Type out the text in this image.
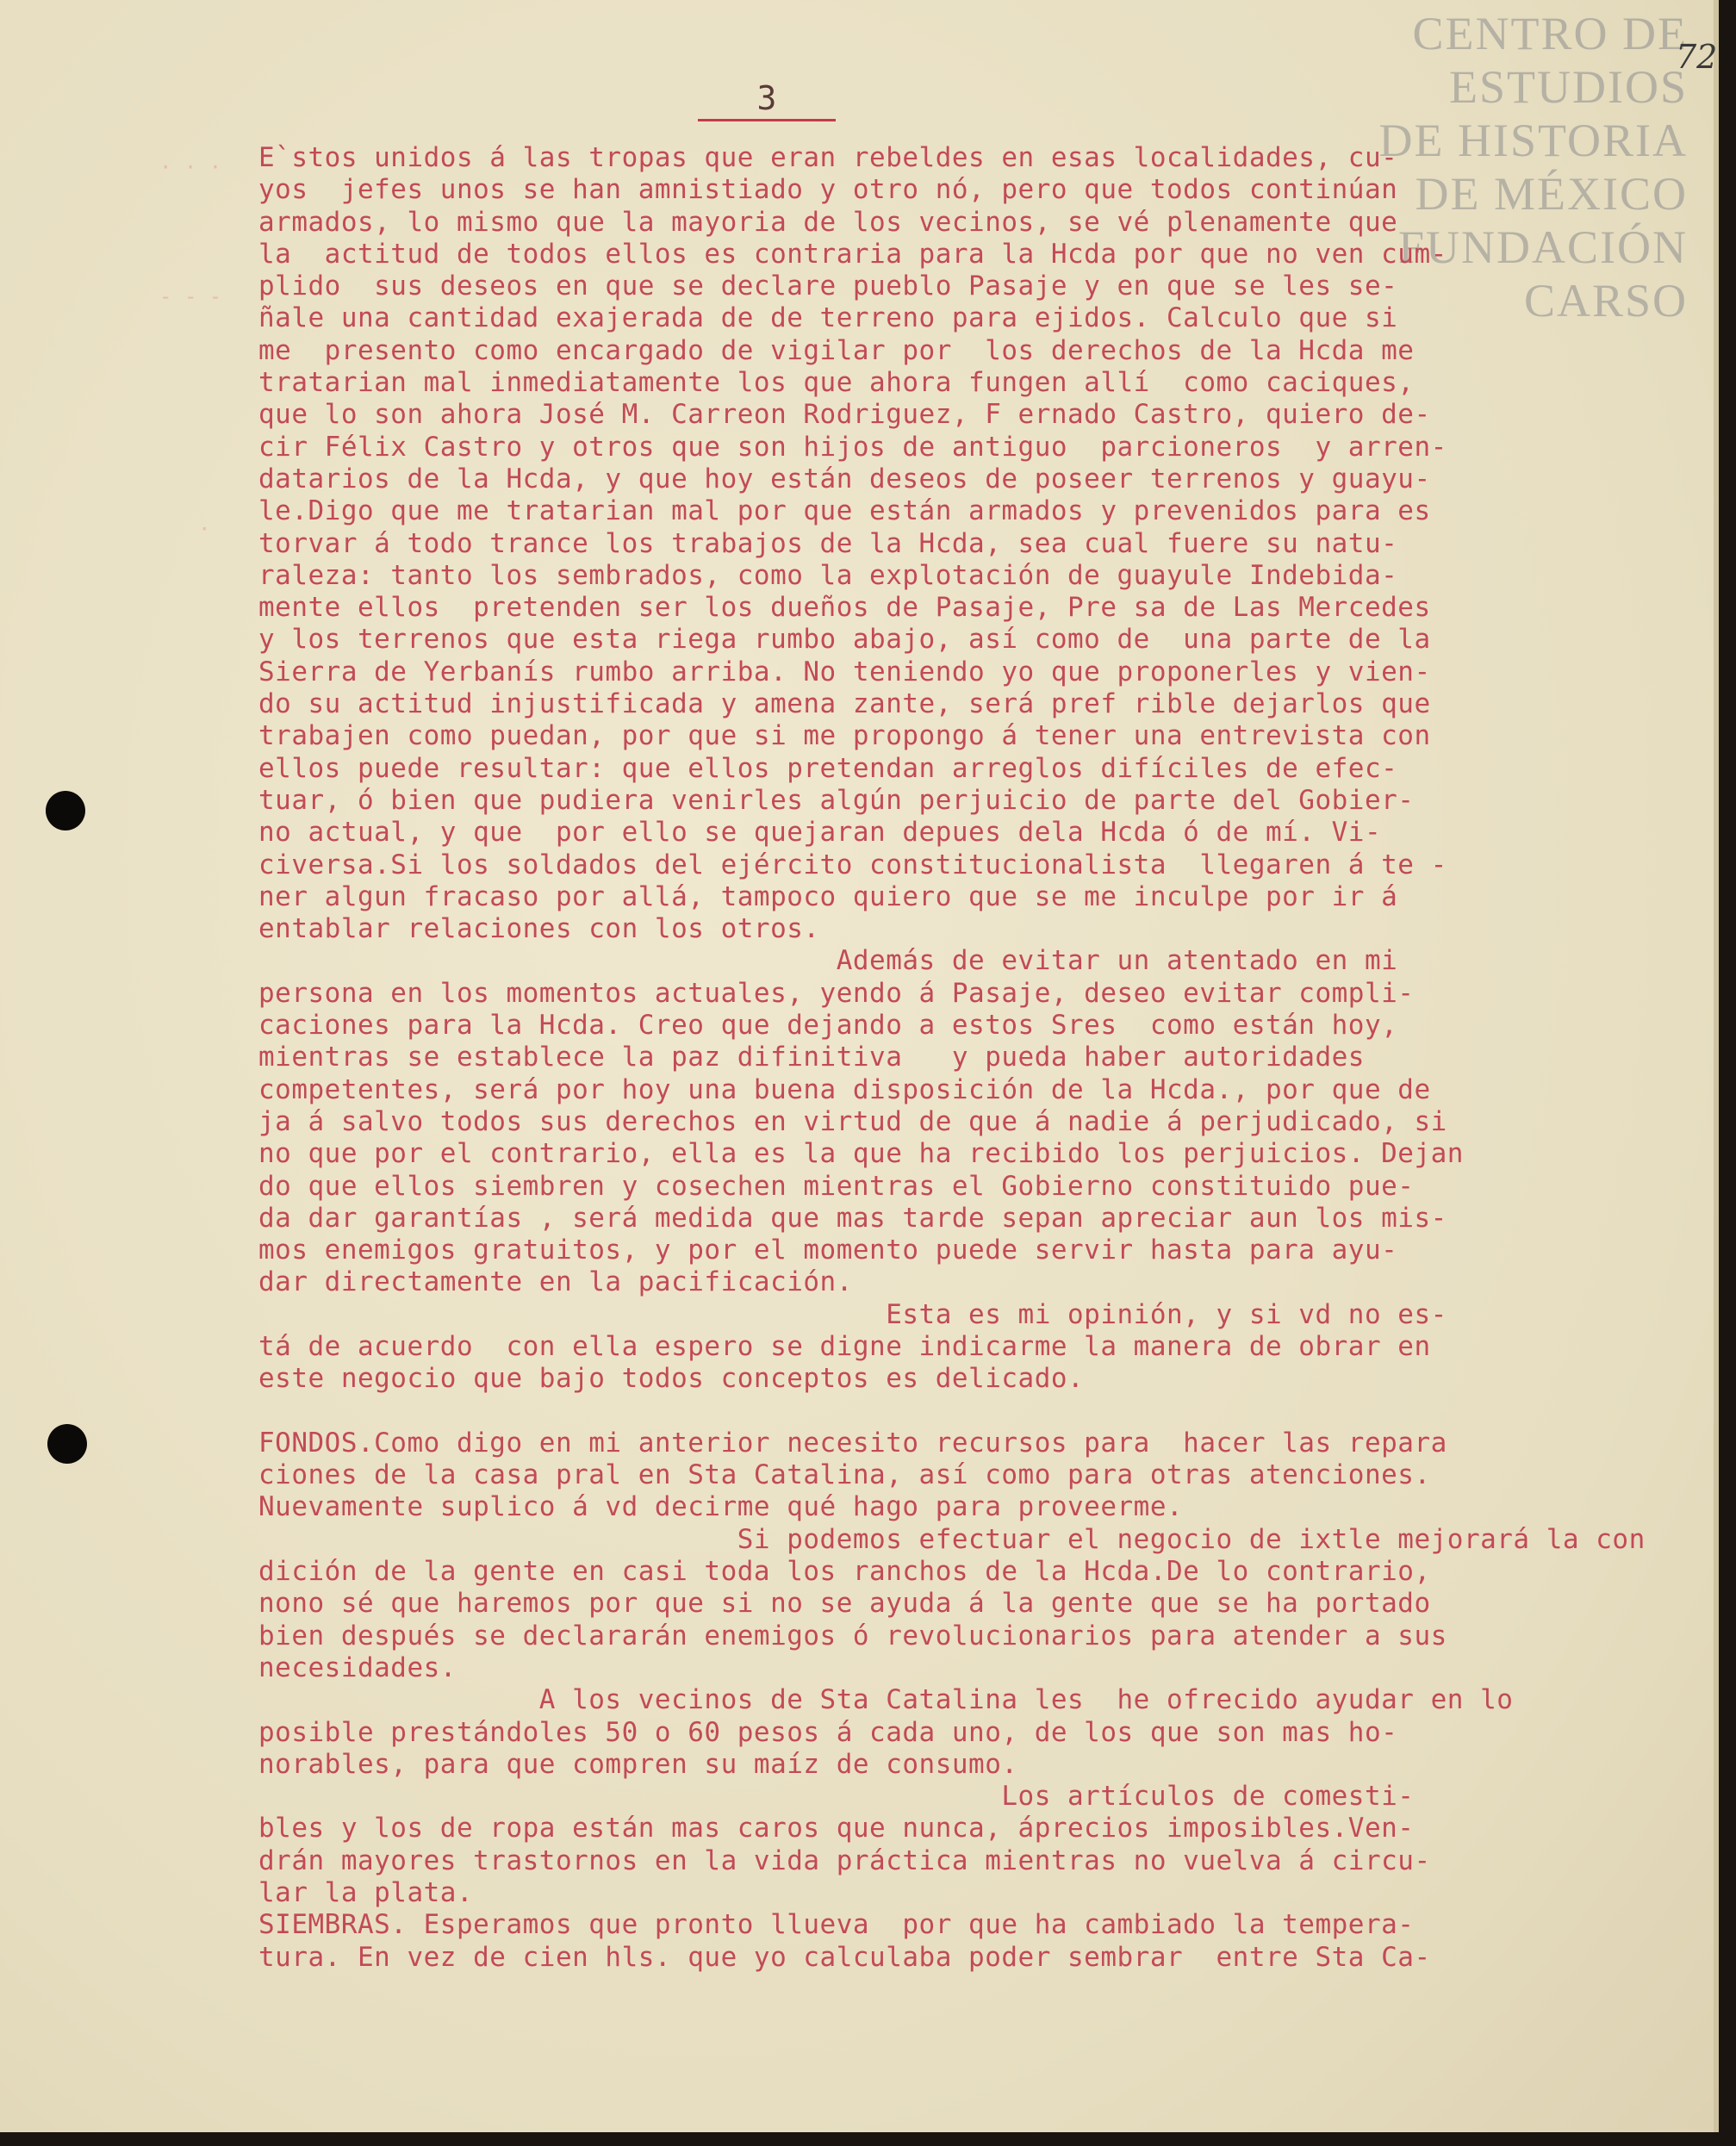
CENTRO DE
ESTUDIOS
DE HISTORIA
DE MÉXICO
FUNDACIÓN
CARSO
72
3
· · ·
- - -
·
E`stos unidos á las tropas que eran rebeldes en esas localidades, cu-
yos  jefes unos se han amnistiado y otro nó, pero que todos continúan
armados, lo mismo que la mayoria de los vecinos, se vé plenamente que
la  actitud de todos ellos es contraria para la Hcda por que no ven cum-
plido  sus deseos en que se declare pueblo Pasaje y en que se les se-
ñale una cantidad exajerada de de terreno para ejidos. Calculo que si
me  presento como encargado de vigilar por  los derechos de la Hcda me
tratarian mal inmediatamente los que ahora fungen allí  como caciques,
que lo son ahora José M. Carreon Rodriguez, F ernado Castro, quiero de-
cir Félix Castro y otros que son hijos de antiguo  parcioneros  y arren-
datarios de la Hcda, y que hoy están deseos de poseer terrenos y guayu-
le.Digo que me tratarian mal por que están armados y prevenidos para es
torvar á todo trance los trabajos de la Hcda, sea cual fuere su natu-
raleza: tanto los sembrados, como la explotación de guayule Indebida-
mente ellos  pretenden ser los dueños de Pasaje, Pre sa de Las Mercedes
y los terrenos que esta riega rumbo abajo, así como de  una parte de la
Sierra de Yerbanís rumbo arriba. No teniendo yo que proponerles y vien-
do su actitud injustificada y amena zante, será pref rible dejarlos que
trabajen como puedan, por que si me propongo á tener una entrevista con
ellos puede resultar: que ellos pretendan arreglos difíciles de efec-
tuar, ó bien que pudiera venirles algún perjuicio de parte del Gobier-
no actual, y que  por ello se quejaran depues dela Hcda ó de mí. Vi-
civersa.Si los soldados del ejército constitucionalista  llegaren á te -
ner algun fracaso por allá, tampoco quiero que se me inculpe por ir á
entablar relaciones con los otros.
Además de evitar un atentado en mi
persona en los momentos actuales, yendo á Pasaje, deseo evitar compli-
caciones para la Hcda. Creo que dejando a estos Sres  como están hoy,
mientras se establece la paz difinitiva   y pueda haber autoridades
competentes, será por hoy una buena disposición de la Hcda., por que de
ja á salvo todos sus derechos en virtud de que á nadie á perjudicado, si
no que por el contrario, ella es la que ha recibido los perjuicios. Dejan
do que ellos siembren y cosechen mientras el Gobierno constituido pue-
da dar garantías , será medida que mas tarde sepan apreciar aun los mis-
mos enemigos gratuitos, y por el momento puede servir hasta para ayu-
dar directamente en la pacificación.
Esta es mi opinión, y si vd no es-
tá de acuerdo  con ella espero se digne indicarme la manera de obrar en
este negocio que bajo todos conceptos es delicado.
FONDOS.Como digo en mi anterior necesito recursos para  hacer las repara
ciones de la casa pral en Sta Catalina, así como para otras atenciones.
Nuevamente suplico á vd decirme qué hago para proveerme.
Si podemos efectuar el negocio de ixtle mejorará la con
dición de la gente en casi toda los ranchos de la Hcda.De lo contrario,
nono sé que haremos por que si no se ayuda á la gente que se ha portado
bien después se declararán enemigos ó revolucionarios para atender a sus
necesidades.
A los vecinos de Sta Catalina les  he ofrecido ayudar en lo
posible prestándoles 50 o 60 pesos á cada uno, de los que son mas ho-
norables, para que compren su maíz de consumo.
Los artículos de comesti-
bles y los de ropa están mas caros que nunca, áprecios imposibles.Ven-
drán mayores trastornos en la vida práctica mientras no vuelva á circu-
lar la plata.
SIEMBRAS. Esperamos que pronto llueva  por que ha cambiado la tempera-
tura. En vez de cien hls. que yo calculaba poder sembrar  entre Sta Ca-
